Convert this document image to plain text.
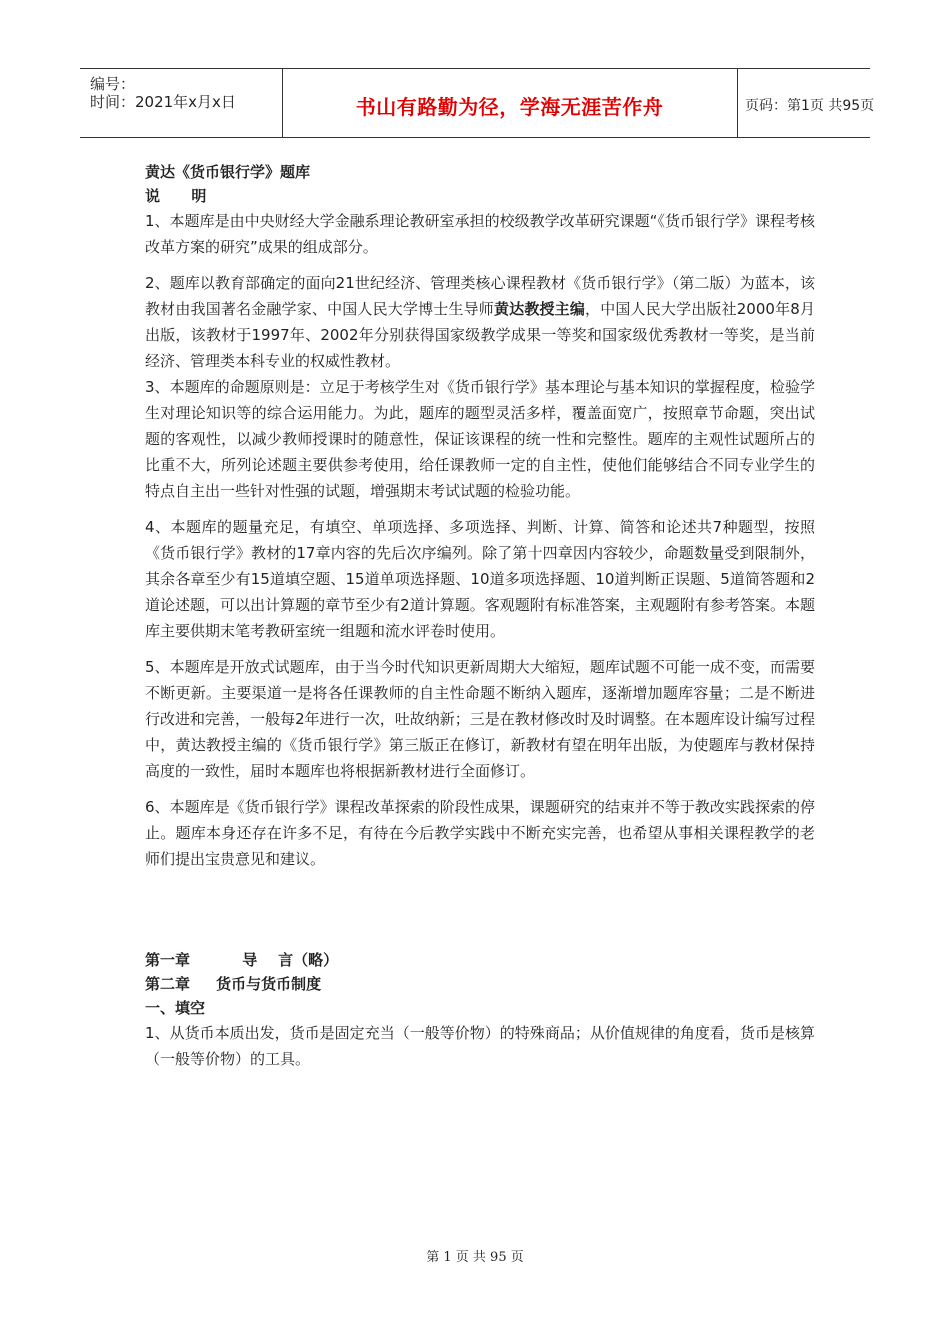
编号：
时间：2021年x月x日	书山有路勤为径，学海无涯苦作舟	页码：第1页 共95页
黄达《货币银行学》题库
说      明

1、本题库是由中央财经大学金融系理论教研室承担的校级教学改革研究课题“《货币银行学》课程考核改革方案的研究”成果的组成部分。

2、题库以教育部确定的面向21世纪经济、管理类核心课程教材《货币银行学》（第二版）为蓝本，该教材由我国著名金融学家、中国人民大学博士生导师黄达教授主编，中国人民大学出版社2000年8月出版，该教材于1997年、2002年分别获得国家级教学成果一等奖和国家级优秀教材一等奖，是当前经济、管理类本科专业的权威性教材。

3、本题库的命题原则是：立足于考核学生对《货币银行学》基本理论与基本知识的掌握程度，检验学生对理论知识等的综合运用能力。为此，题库的题型灵活多样，覆盖面宽广，按照章节命题，突出试题的客观性，以减少教师授课时的随意性，保证该课程的统一性和完整性。题库的主观性试题所占的比重不大，所列论述题主要供参考使用，给任课教师一定的自主性，使他们能够结合不同专业学生的特点自主出一些针对性强的试题，增强期末考试试题的检验功能。

4、本题库的题量充足，有填空、单项选择、多项选择、判断、计算、简答和论述共7种题型，按照《货币银行学》教材的17章内容的先后次序编列。除了第十四章因内容较少，命题数量受到限制外，其余各章至少有15道填空题、15道单项选择题、10道多项选择题、10道判断正误题、5道简答题和2道论述题，可以出计算题的章节至少有2道计算题。客观题附有标准答案，主观题附有参考答案。本题库主要供期末笔考教研室统一组题和流水评卷时使用。

5、本题库是开放式试题库，由于当今时代知识更新周期大大缩短，题库试题不可能一成不变，而需要不断更新。主要渠道一是将各任课教师的自主性命题不断纳入题库，逐渐增加题库容量；二是不断进行改进和完善，一般每2年进行一次，吐故纳新；三是在教材修改时及时调整。在本题库设计编写过程中，黄达教授主编的《货币银行学》第三版正在修订，新教材有望在明年出版，为使题库与教材保持高度的一致性，届时本题库也将根据新教材进行全面修订。

6、本题库是《货币银行学》课程改革探索的阶段性成果，课题研究的结束并不等于教改实践探索的停止。题库本身还存在许多不足，有待在今后教学实践中不断充实完善，也希望从事相关课程教学的老师们提出宝贵意见和建议。

第一章          导    言（略）
第二章     货币与货币制度
一、填空

1、从货币本质出发，货币是固定充当（一般等价物）的特殊商品；从价值规律的角度看，货币是核算（一般等价物）的工具。

第 1 页 共 95 页
